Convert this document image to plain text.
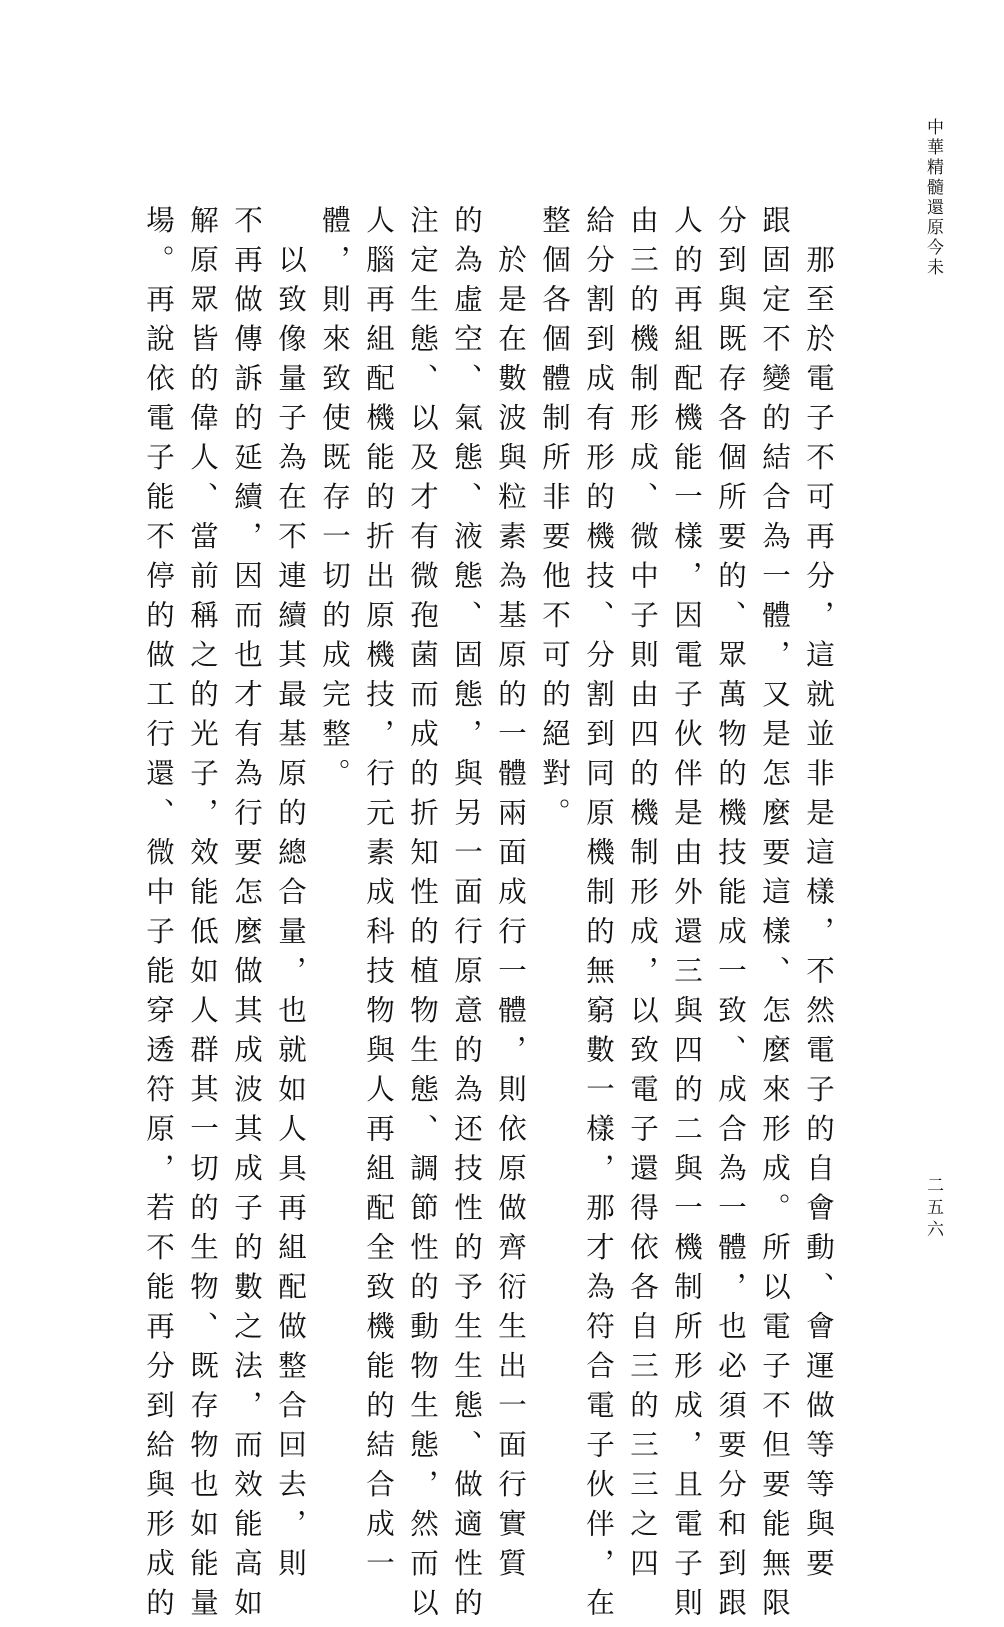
中華精髓還原今未
　那至於電子不可再分，這就並非是這樣，不然電子的自會動、會運做等等與要
跟固定不變的結合為一體，又是怎麼要這樣、怎麼來形成。所以電子不但要能無限
分到與既存各個所要的、眾萬物的機技能成一致、成合為一體，也必須要分和到跟
人的再組配機能一樣，因電子伙伴是由外還三與四的二與一機制所形成，且電子則
由三的機制形成、微中子則由四的機制形成，以致電子還得依各自三的三三之四
給分割到成有形的機技、分割到同原機制的無窮數一樣，那才為符合電子伙伴，在
整個各個體制所非要他不可的絕對。
　於是在數波與粒素為基原的一體兩面成行一體，則依原做齊衍生出一面行實質
的為虛空、氣態、液態、固態，與另一面行原意的為还技性的予生生態、做適性的
注定生態、以及才有微孢菌而成的折知性的植物生態、調節性的動物生態，然而以
人腦再組配機能的折出原機技，行元素成科技物與人再組配全致機能的結合成一
體，則來致使既存一切的成完整。
　以致像量子為在不連續其最基原的總合量，也就如人具再組配做整合回去，則
不再做傳訴的延續，因而也才有為行要怎麼做其成波其成子的數之法，而效能高如
解原眾皆的偉人、當前稱之的光子，效能低如人群其一切的生物、既存物也如能量
場。再說依電子能不停的做工行還、微中子能穿透符原，若不能再分到給與形成的	二五六
